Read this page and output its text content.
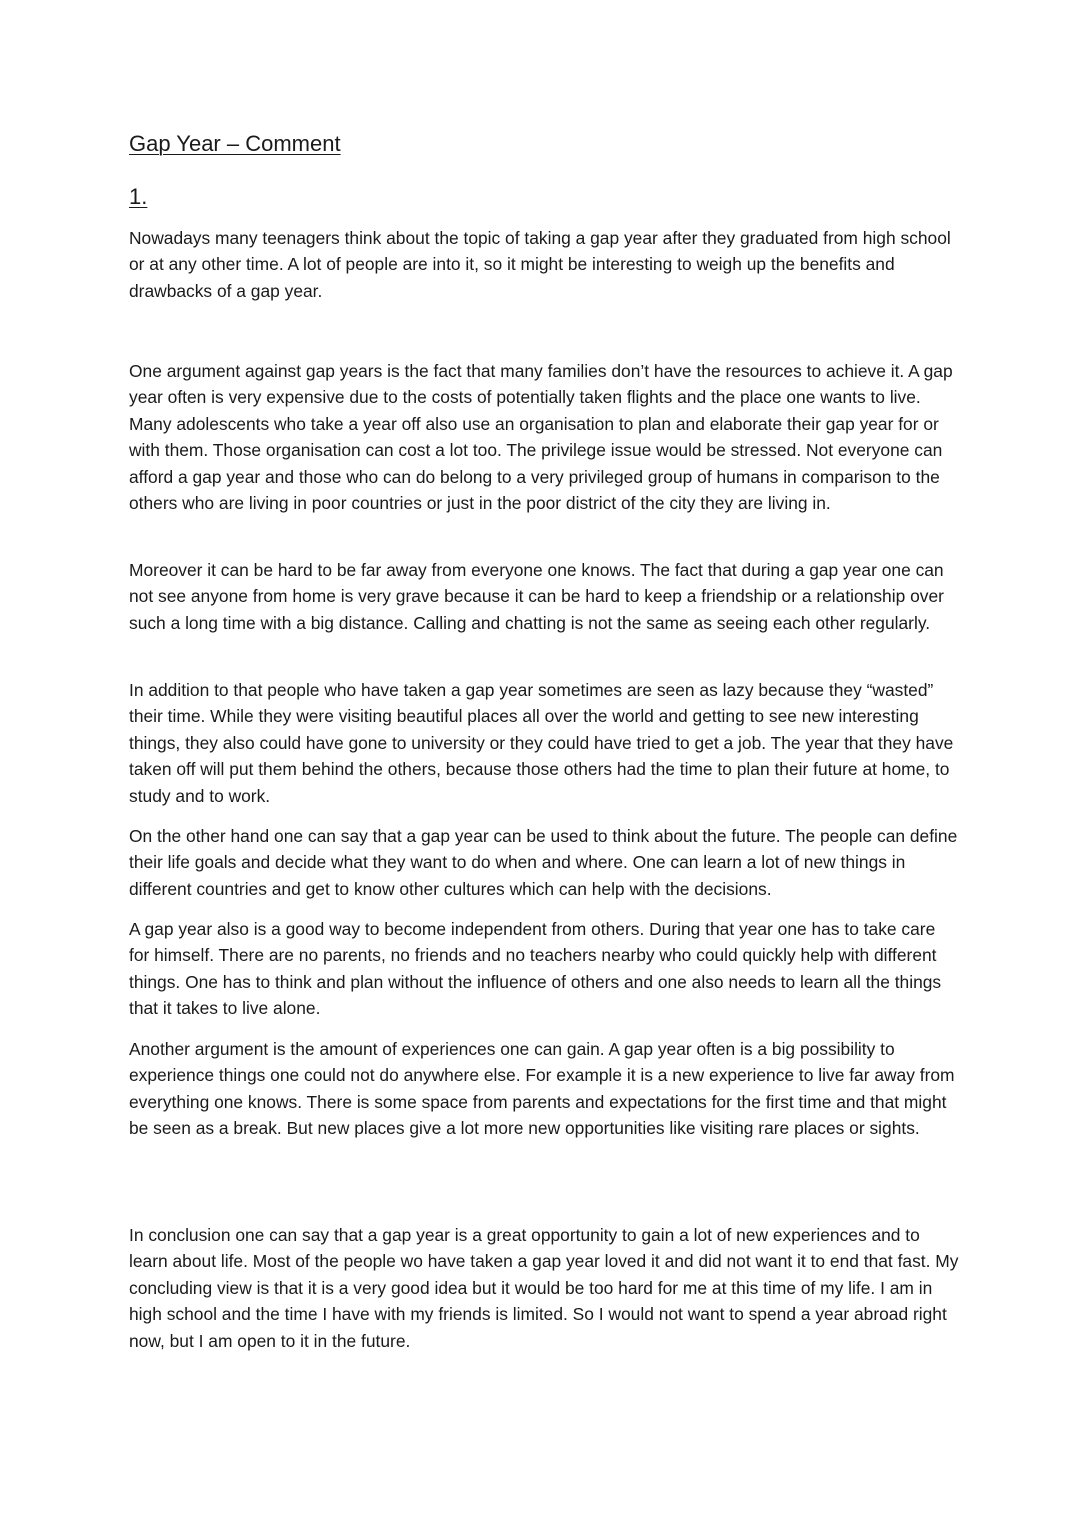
Gap Year – Comment
1.

Nowadays many teenagers think about the topic of taking a gap year after they graduated from high school or at any other time. A lot of people are into it, so it might be interesting to weigh up the benefits and drawbacks of a gap year.

One argument against gap years is the fact that many families don’t have the resources to achieve it. A gap year often is very expensive due to the costs of potentially taken flights and the place one wants to live. Many adolescents who take a year off also use an organisation to plan and elaborate their gap year for or with them. Those organisation can cost a lot too. The privilege issue would be stressed. Not everyone can afford a gap year and those who can do belong to a very privileged group of humans in comparison to the others who are living in poor countries or just in the poor district of the city they are living in.

Moreover it can be hard to be far away from everyone one knows. The fact that during a gap year one can not see anyone from home is very grave because it can be hard to keep a friendship or a relationship over such a long time with a big distance. Calling and chatting is not the same as seeing each other regularly.

In addition to that people who have taken a gap year sometimes are seen as lazy because they “wasted” their time. While they were visiting beautiful places all over the world and getting to see new interesting things, they also could have gone to university or they could have tried to get a job. The year that they have taken off will put them behind the others, because those others had the time to plan their future at home, to study and to work.

On the other hand one can say that a gap year can be used to think about the future. The people can define their life goals and decide what they want to do when and where. One can learn a lot of new things in different countries and get to know other cultures which can help with the decisions.

A gap year also is a good way to become independent from others. During that year one has to take care for himself. There are no parents, no friends and no teachers nearby who could quickly help with different things. One has to think and plan without the influence of others and one also needs to learn all the things that it takes to live alone.

Another argument is the amount of experiences one can gain. A gap year often is a big possibility to experience things one could not do anywhere else. For example it is a new experience to live far away from everything one knows. There is some space from parents and expectations for the first time and that might be seen as a break. But new places give a lot more new opportunities like visiting rare places or sights.

In conclusion one can say that a gap year is a great opportunity to gain a lot of new experiences and to learn about life. Most of the people wo have taken a gap year loved it and did not want it to end that fast. My concluding view is that it is a very good idea but it would be too hard for me at this time of my life. I am in high school and the time I have with my friends is limited. So I would not want to spend a year abroad right now, but I am open to it in the future.
